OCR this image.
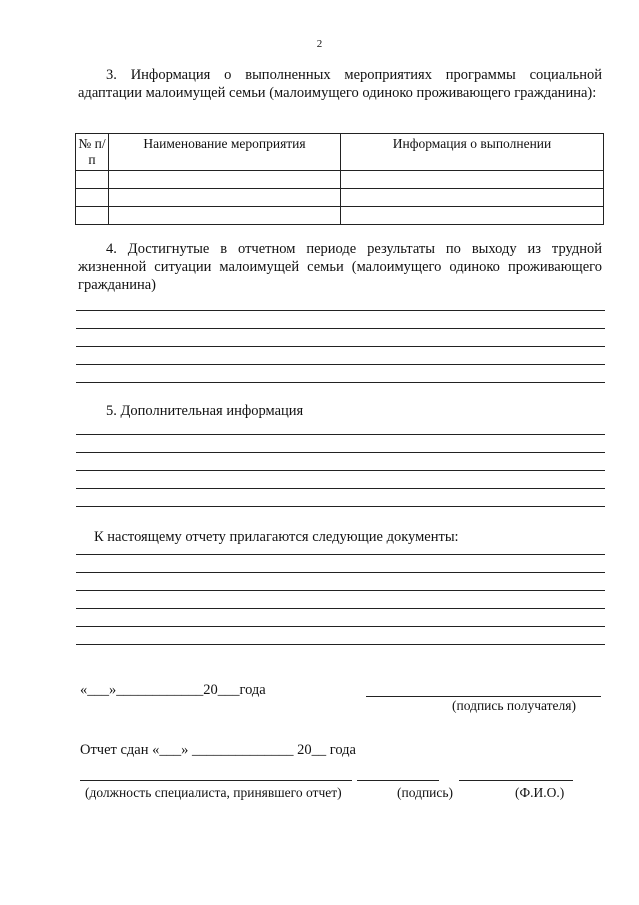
2
3. Информация о выполненных мероприятиях программы социальной адаптации малоимущей семьи (малоимущего одиноко проживающего гражданина):
№ п/п	Наименование мероприятия	Информация о выполнении

4. Достигнутые в отчетном периоде результаты по выходу из трудной жизненной ситуации малоимущей семьи (малоимущего одиноко проживающего гражданина)
5. Дополнительная информация
К настоящему отчету прилагаются следующие документы:
«___»____________20___года
(подпись получателя)
Отчет сдан «___» ______________ 20__ года
(должность специалиста, принявшего отчет)	(подпись)	(Ф.И.О.)
